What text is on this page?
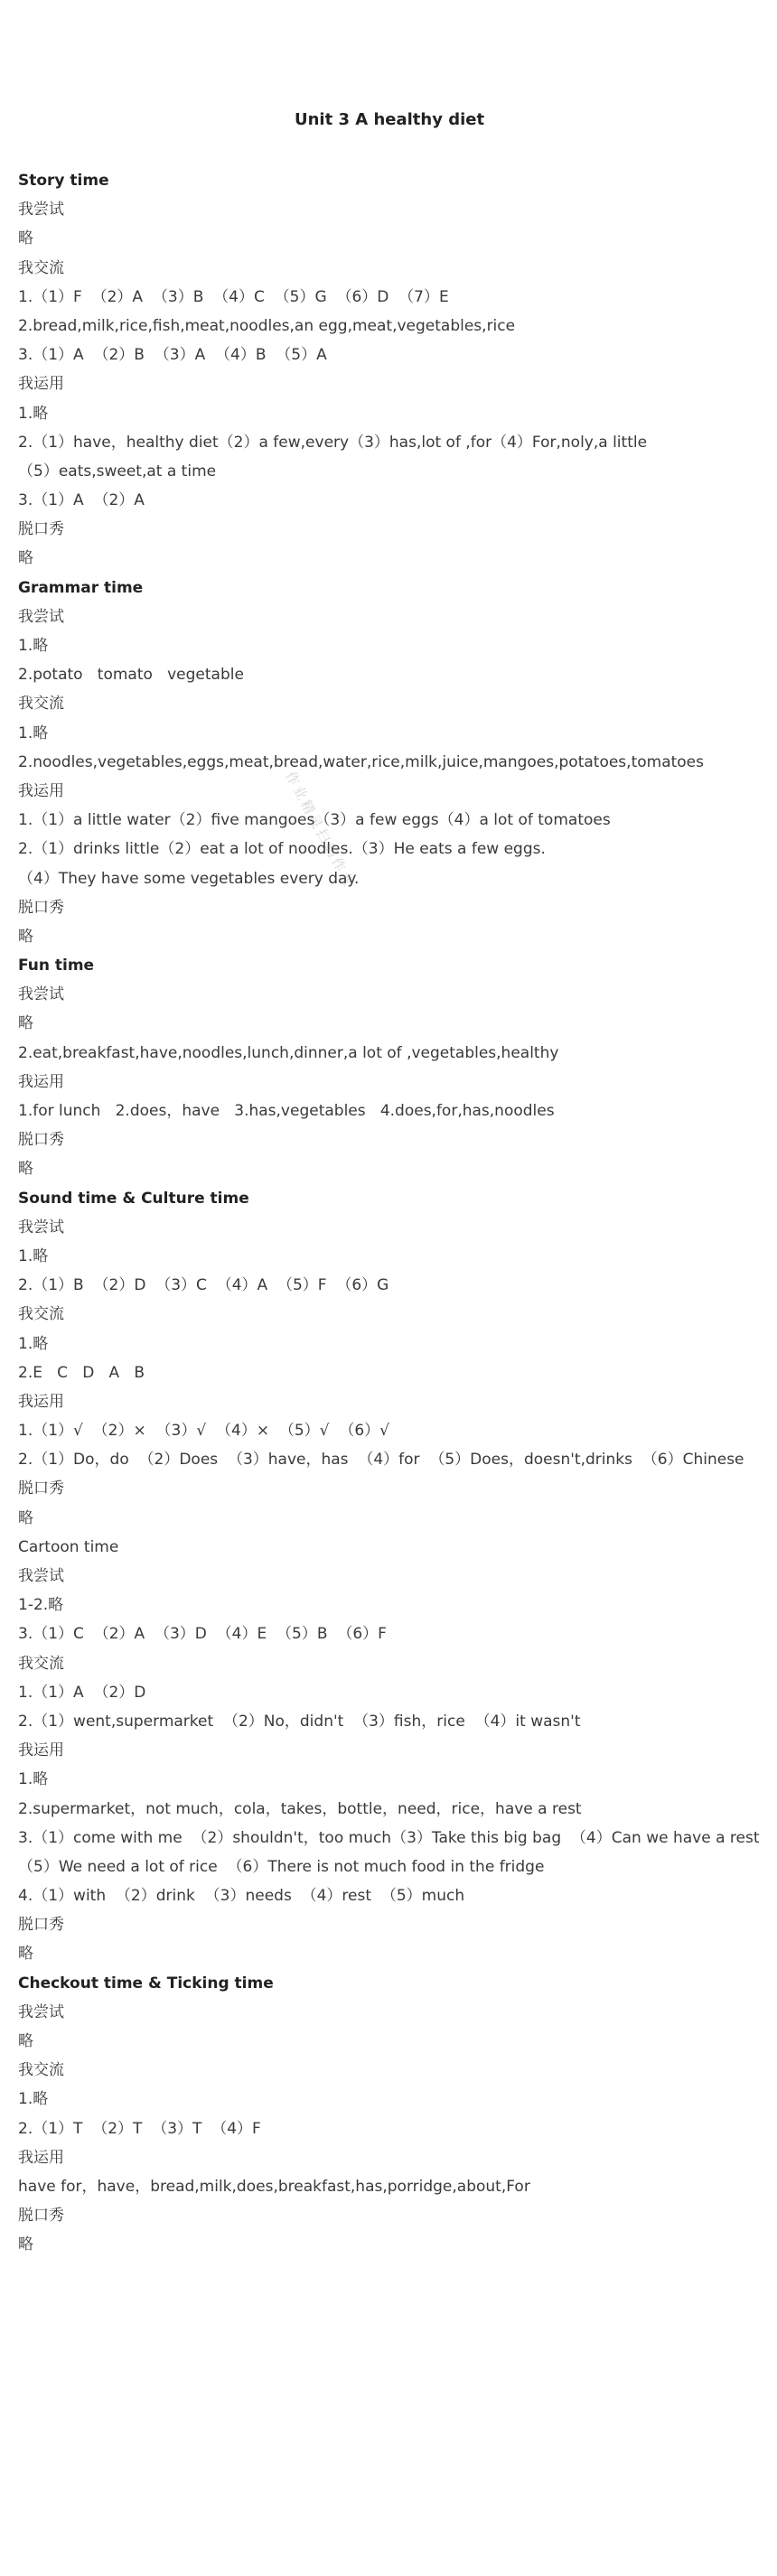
Unit 3 A healthy diet
Story time
我尝试
略
我交流
1.（1）F  （2）A  （3）B  （4）C  （5）G  （6）D  （7）E
2.bread,milk,rice,fish,meat,noodles,an egg,meat,vegetables,rice
3.（1）A  （2）B  （3）A  （4）B  （5）A
我运用
1.略
2.（1）have，healthy diet（2）a few,every（3）has,lot of ,for（4）For,noly,a little
（5）eats,sweet,at a time
3.（1）A  （2）A
脱口秀
略
Grammar time
我尝试
1.略
2.potato   tomato   vegetable
我交流
1.略
2.noodles,vegetables,eggs,meat,bread,water,rice,milk,juice,mangoes,potatoes,tomatoes
我运用
1.（1）a little water（2）five mangoes（3）a few eggs（4）a lot of tomatoes
2.（1）drinks little（2）eat a lot of noodles.（3）He eats a few eggs.
（4）They have some vegetables every day.
脱口秀
略
Fun time
我尝试
略
2.eat,breakfast,have,noodles,lunch,dinner,a lot of ,vegetables,healthy
我运用
1.for lunch   2.does，have   3.has,vegetables   4.does,for,has,noodles
脱口秀
略
Sound time & Culture time
我尝试
1.略
2.（1）B  （2）D  （3）C  （4）A  （5）F  （6）G
我交流
1.略
2.E   C   D   A   B
我运用
1.（1）√  （2）×  （3）√  （4）×  （5）√  （6）√
2.（1）Do，do  （2）Does  （3）have，has  （4）for  （5）Does，doesn't,drinks  （6）Chinese
脱口秀
略
Cartoon time
我尝试
1-2.略
3.（1）C  （2）A  （3）D  （4）E  （5）B  （6）F
我交流
1.（1）A  （2）D
2.（1）went,supermarket  （2）No，didn't  （3）fish，rice  （4）it wasn't
我运用
1.略
2.supermarket，not much，cola，takes，bottle，need，rice，have a rest
3.（1）come with me  （2）shouldn't，too much（3）Take this big bag  （4）Can we have a rest
（5）We need a lot of rice  （6）There is not much food in the fridge
4.（1）with  （2）drink  （3）needs  （4）rest  （5）much
脱口秀
略
Checkout time & Ticking time
我尝试
略
我交流
1.略
2.（1）T  （2）T  （3）T  （4）F
我运用
have for，have，bread,milk,does,breakfast,has,porridge,about,For
脱口秀
略
作业精灵扫码作业
